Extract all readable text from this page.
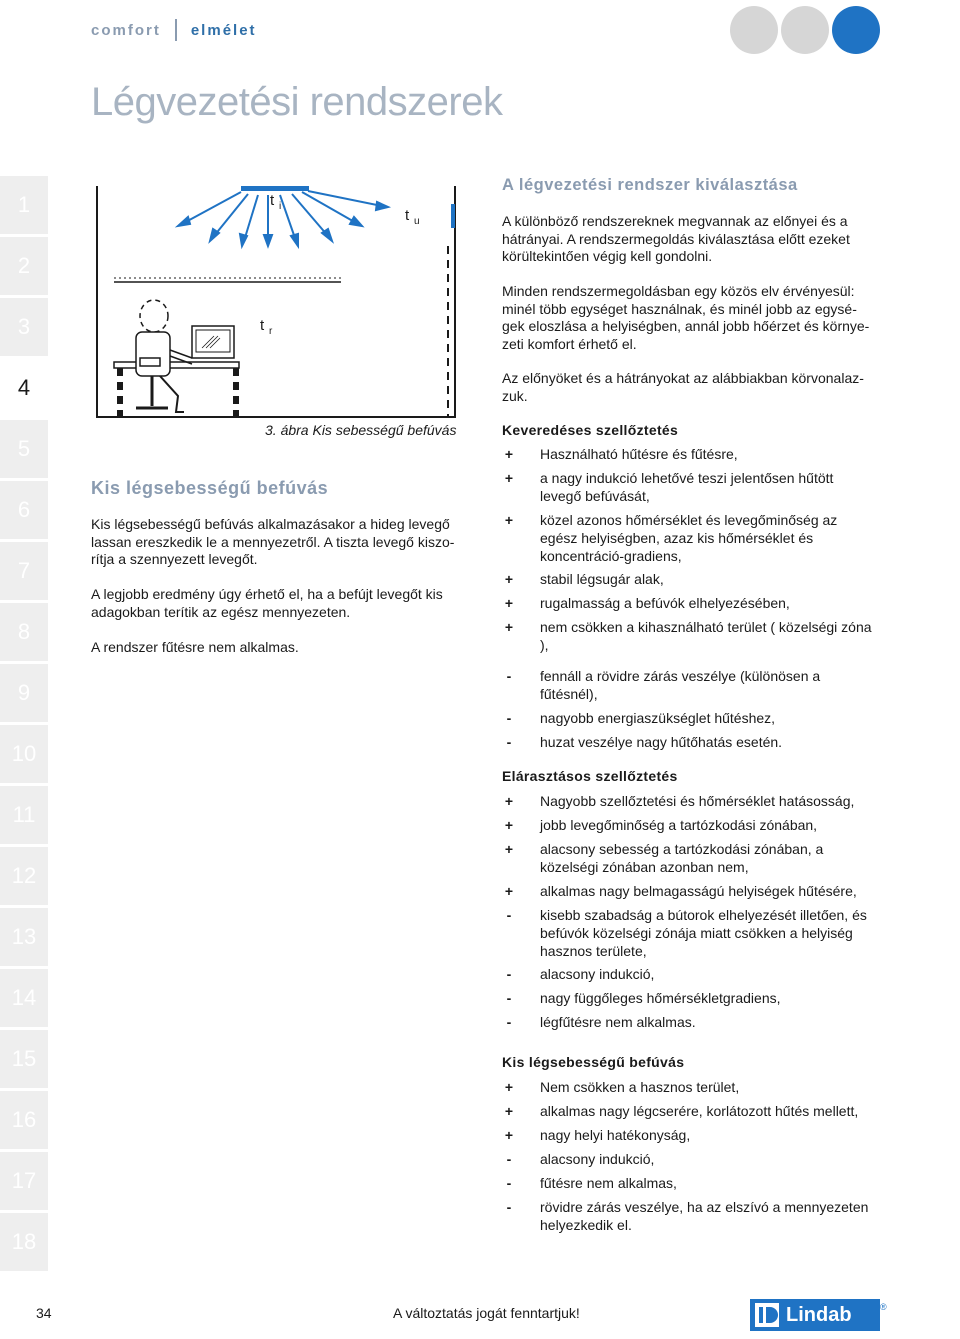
comfort elmélet
Légvezetési rendszerek
1
2
3
4
5
6
7
8
9
10
11
12
13
14
15
16
17
18
t i
t u
t r
3. ábra Kis sebességű befúvás
Kis légsebességű befúvás

Kis légsebességű befúvás alkalmazásakor a hideg levegő lassan ereszkedik le a mennyezetről. A tiszta levegő kiszo-rítja a szennyezett levegőt.

A legjobb eredmény úgy érhető el, ha a befújt levegőt kis adagokban terítik az egész mennyezeten.

A rendszer fűtésre nem alkalmas.

A légvezetési rendszer kiválasztása

A különböző rendszereknek megvannak az előnyei és a hátrányai. A rendszermegoldás kiválasztása előtt ezeket körültekintően végig kell gondolni.

Minden rendszermegoldásban egy közös elv érvényesül: minél több egységet használnak, és minél jobb az egysé-gek eloszlása a helyiségben, annál jobb hőérzet és környe-zeti komfort érhető el.

Az előnyöket és a hátrányokat az alábbiakban körvonalaz-zuk.

Keveredéses szellőztetés
+ Használható hűtésre és fűtésre,
+ a nagy indukció lehetővé teszi jelentősen hűtött levegő befúvását,
+ közel azonos hőmérséklet és levegőminőség az egész helyiségben, azaz kis hőmérséklet és koncentráció-gradiens,
+ stabil légsugár alak,
+ rugalmasság a befúvók elhelyezésében,
+ nem csökken a kihasználható terület ( közelségi zóna ),
-	fennáll a rövidre zárás veszélye (különösen a fűtésnél),
-	nagyobb energiaszükséglet hűtéshez,
-	huzat veszélye nagy hűtőhatás esetén.
Elárasztásos szellőztetés
+ Nagyobb szellőztetési és hőmérséklet hatásosság,
+ jobb levegőminőség a tartózkodási zónában,
+ alacsony sebesség a tartózkodási zónában, a közelségi zónában azonban nem,
+ alkalmas nagy belmagasságú helyiségek hűtésére,
-	kisebb szabadság a bútorok elhelyezését illetően, és befúvók közelségi zónája miatt csökken a helyiség hasznos területe,
-	alacsony indukció,
-	nagy függőleges hőmérsékletgradiens,
-	légfűtésre nem alkalmas.
Kis légsebességű befúvás
+ Nem csökken a hasznos terület,
+ alkalmas nagy légcserére, korlátozott hűtés mellett,
+ nagy helyi hatékonyság,
-	alacsony indukció,
-	fűtésre nem alkalmas,
-	rövidre zárás veszélye, ha az elszívó a mennyezeten helyezkedik el.
34	A változtatás jogát fenntartjuk!	Lindab	®
